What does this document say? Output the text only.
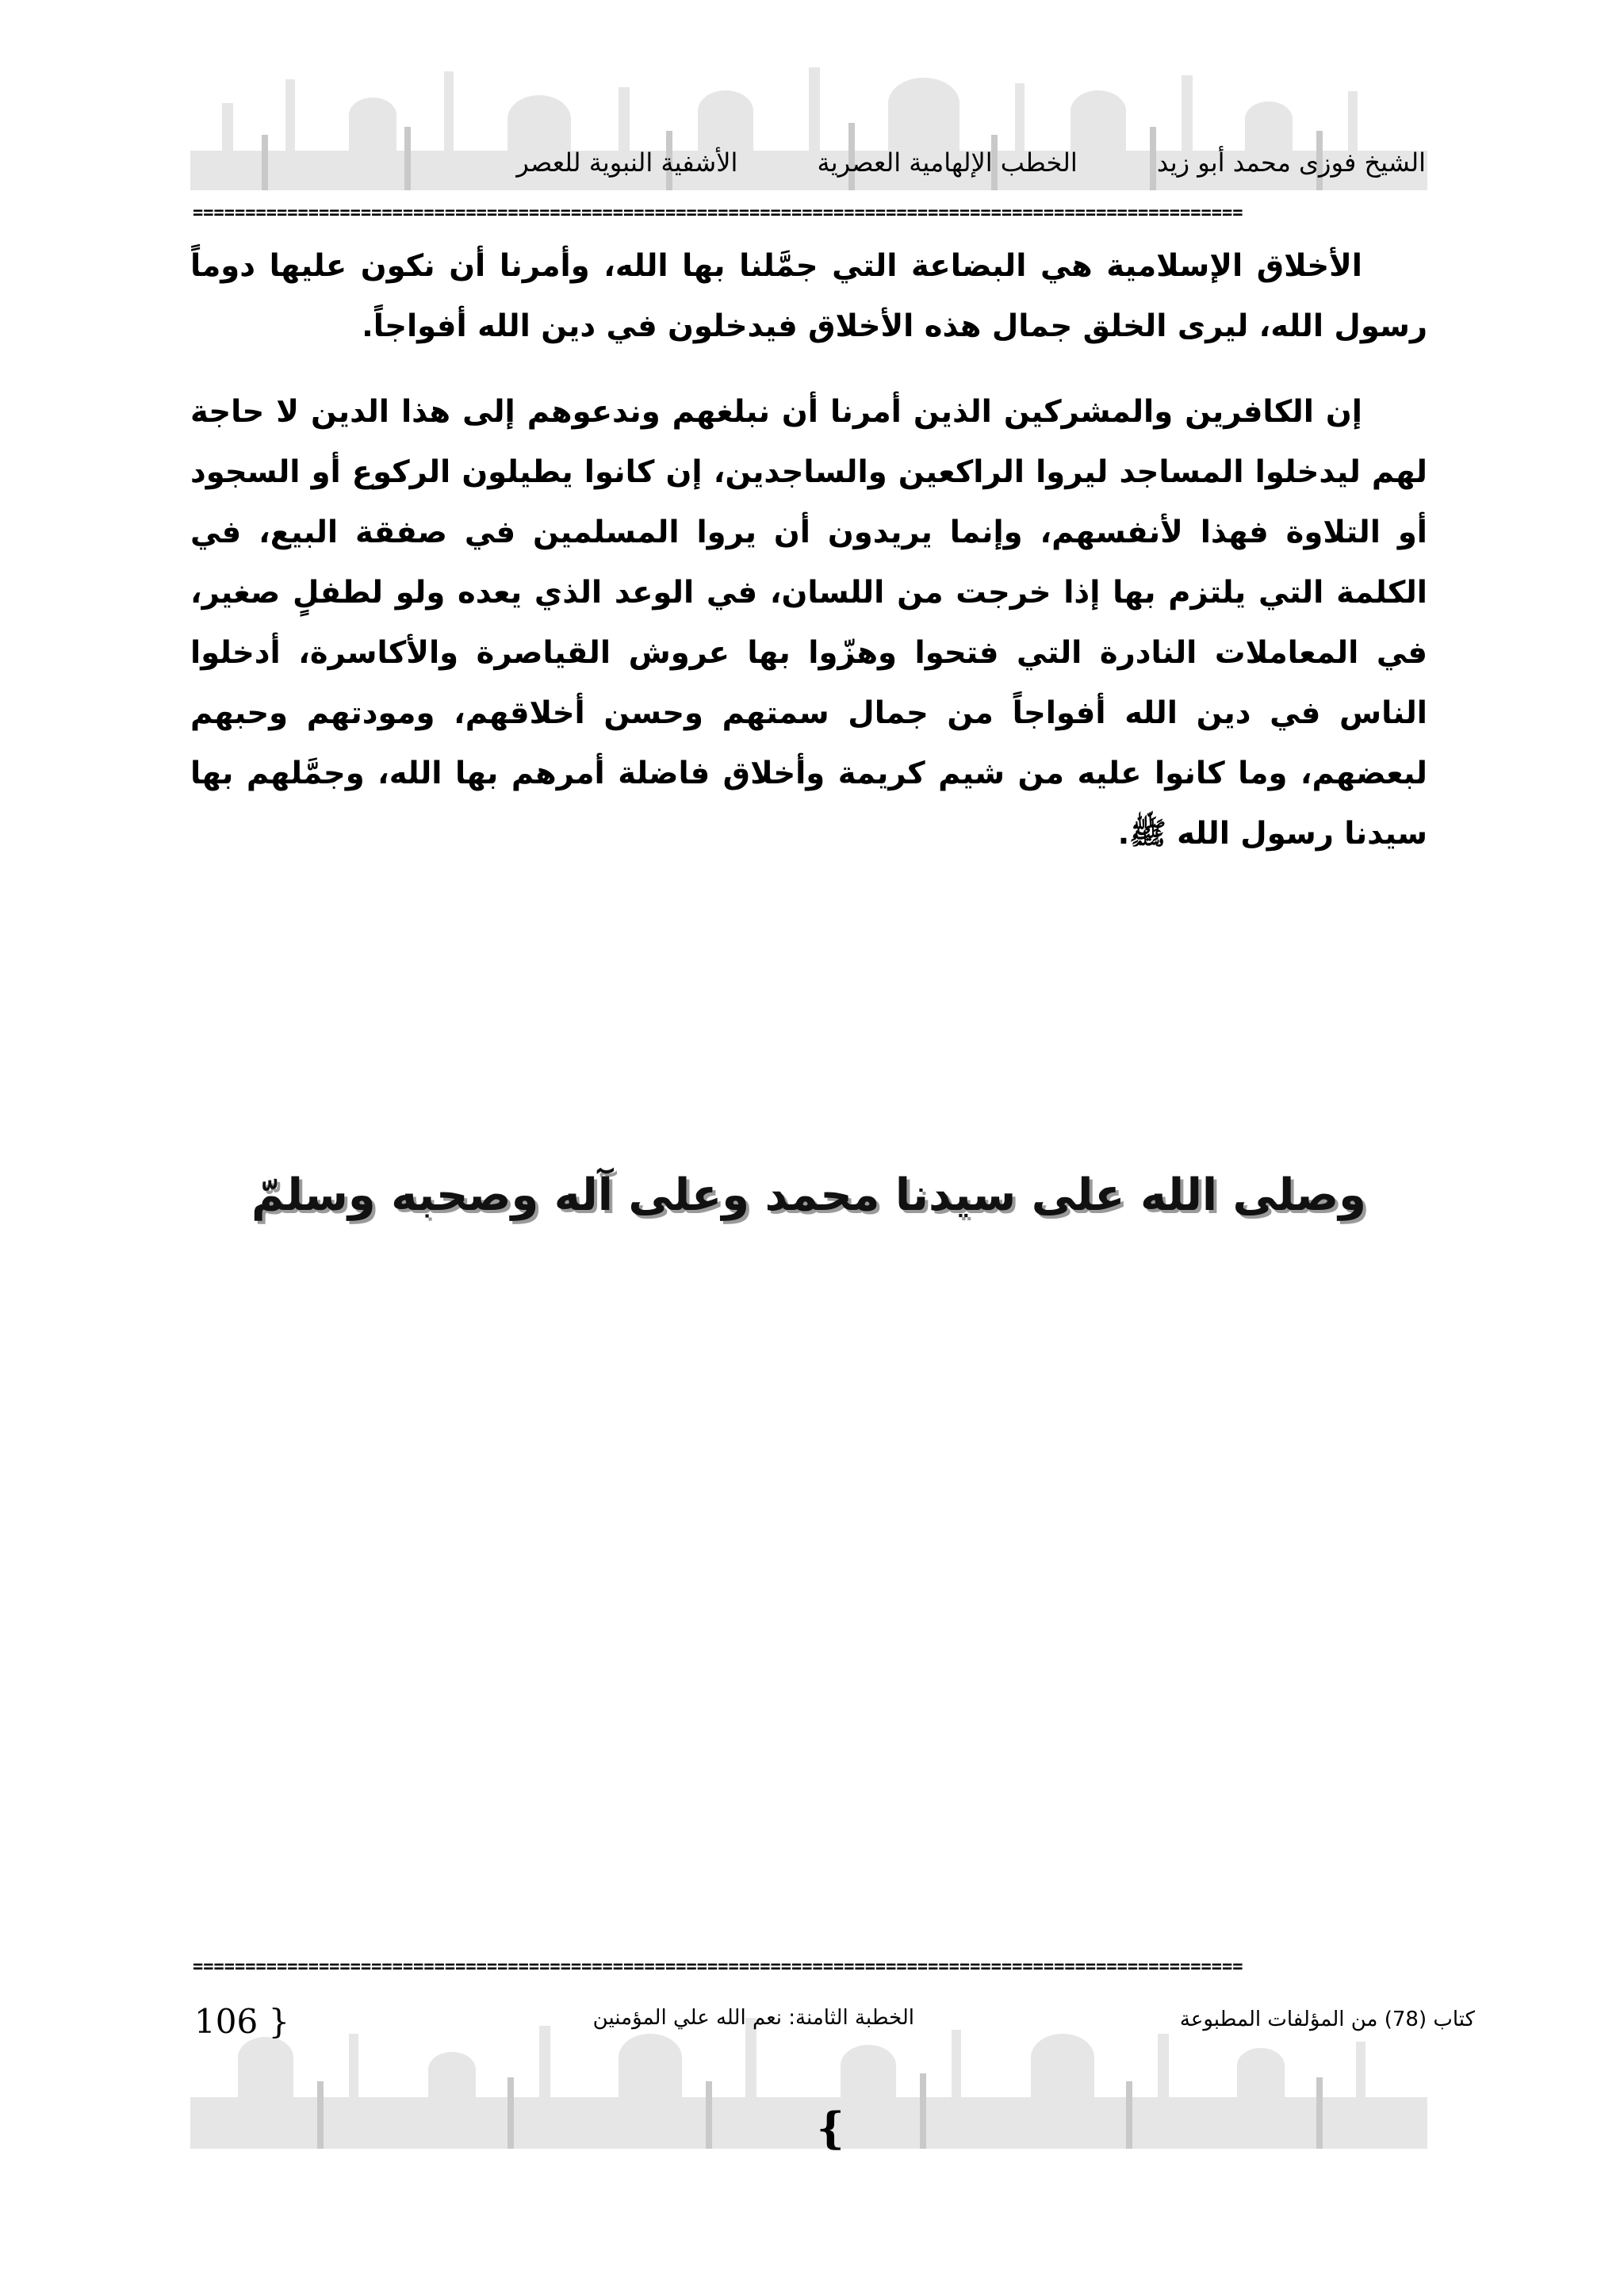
الشيخ فوزى محمد أبو زيد الخطب الإلهامية العصرية الأشفية النبوية للعصر
====================================================================================================

الأخلاق الإسلامية هي البضاعة التي جمَّلنا بها الله، وأمرنا أن نكون عليها دوماً رسول الله، ليرى الخلق جمال هذه الأخلاق فيدخلون في دين الله أفواجاً.

إن الكافرين والمشركين الذين أمرنا أن نبلغهم وندعوهم إلى هذا الدين لا حاجة لهم ليدخلوا المساجد ليروا الراكعين والساجدين، إن كانوا يطيلون الركوع أو السجود أو التلاوة فهذا لأنفسهم، وإنما يريدون أن يروا المسلمين في صفقة البيع، في الكلمة التي يلتزم بها إذا خرجت من اللسان، في الوعد الذي يعده ولو لطفلٍ صغير، في المعاملات النادرة التي فتحوا وهزّوا بها عروش القياصرة والأكاسرة، أدخلوا الناس في دين الله أفواجاً من جمال سمتهم وحسن أخلاقهم، ومودتهم وحبهم لبعضهم، وما كانوا عليه من شيم كريمة وأخلاق فاضلة أمرهم بها الله، وجمَّلهم بها سيدنا رسول الله ﷺ.

وصلى الله على سيدنا محمد وعلى آله وصحبه وسلمّ
====================================================================================================
106 }	الخطبة الثامنة: نعم الله علي المؤمنين	كتاب (78) من المؤلفات المطبوعة
{
